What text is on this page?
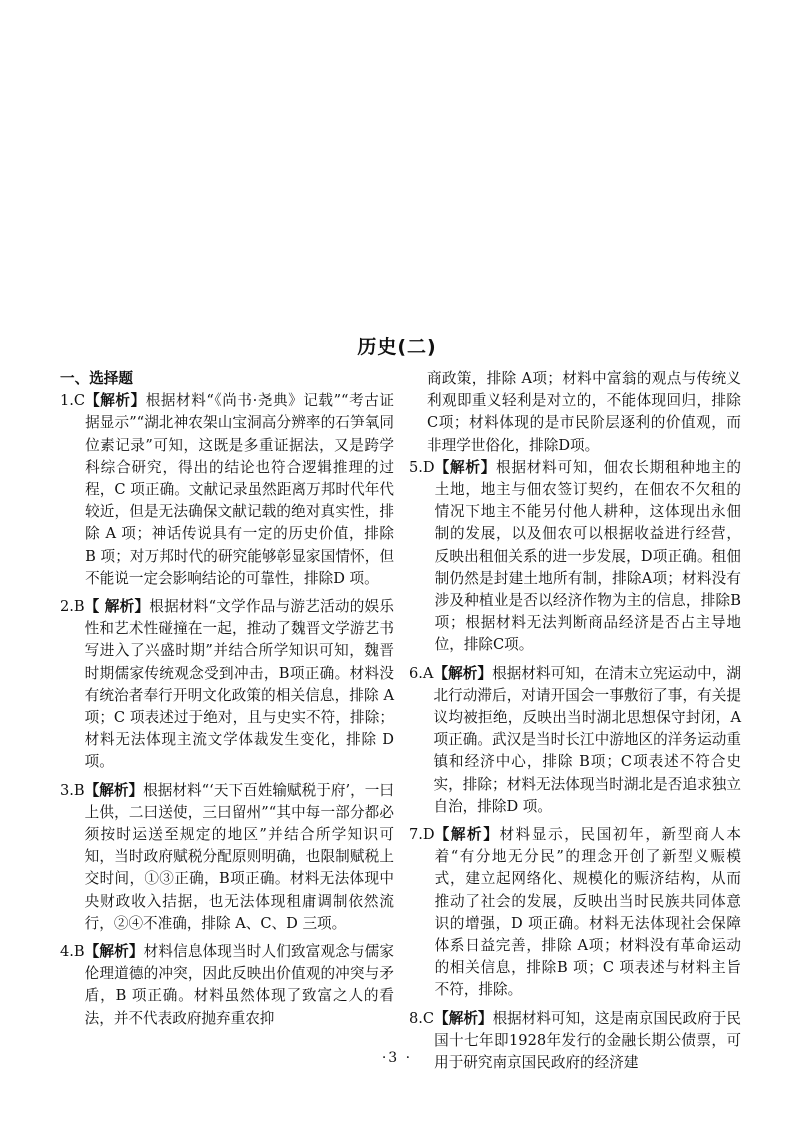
历史(二)
一、选择题
1.C 【解析】根据材料“《尚书·尧典》记载”“考古证据显示”“湖北神农架山宝洞高分辨率的石笋氧同位素记录”可知，这既是多重证据法，又是跨学科综合研究，得出的结论也符合逻辑推理的过程，C 项正确。文献记录虽然距离万邦时代年代较近，但是无法确保文献记载的绝对真实性，排除 A 项；神话传说具有一定的历史价值，排除 B 项；对万邦时代的研究能够彰显家国情怀，但不能说一定会影响结论的可靠性，排除D 项。
2.B 【 解析】根据材料“文学作品与游艺活动的娱乐性和艺术性碰撞在一起，推动了魏晋文学游艺书写进入了兴盛时期”并结合所学知识可知，魏晋时期儒家传统观念受到冲击，B项正确。材料没有统治者奉行开明文化政策的相关信息，排除 A 项；C 项表述过于绝对，且与史实不符，排除；材料无法体现主流文学体裁发生变化，排除 D项。
3.B 【解析】根据材料“‘天下百姓输赋税于府’，一曰上供，二曰送使，三曰留州”“其中每一部分都必须按时运送至规定的地区”并结合所学知识可知，当时政府赋税分配原则明确，也限制赋税上交时间，①③正确，B项正确。材料无法体现中央财政收入拮据，也无法体现租庸调制依然流行，②④不准确，排除 A、C、D 三项。
4.B 【解析】材料信息体现当时人们致富观念与儒家伦理道德的冲突，因此反映出价值观的冲突与矛盾，B 项正确。材料虽然体现了致富之人的看法，并不代表政府抛弃重农抑
商政策，排除 A项；材料中富翁的观点与传统义利观即重义轻利是对立的，不能体现回归，排除 C项；材料体现的是市民阶层逐利的价值观，而非理学世俗化，排除D项。
5.D 【解析】根据材料可知，佃农长期租种地主的土地，地主与佃农签订契约，在佃农不欠租的情况下地主不能另付他人耕种，这体现出永佃制的发展，以及佃农可以根据收益进行经营，反映出租佃关系的进一步发展，D项正确。租佃制仍然是封建土地所有制，排除A项；材料没有涉及种植业是否以经济作物为主的信息，排除B 项；根据材料无法判断商品经济是否占主导地位，排除C项。
6.A 【解析】根据材料可知，在清末立宪运动中，湖北行动滞后，对请开国会一事敷衍了事，有关提议均被拒绝，反映出当时湖北思想保守封闭，A 项正确。武汉是当时长江中游地区的洋务运动重镇和经济中心，排除 B项；C项表述不符合史实，排除；材料无法体现当时湖北是否追求独立自治，排除D 项。
7.D 【解析】材料显示，民国初年，新型商人本着“有分地无分民”的理念开创了新型义赈模式，建立起网络化、规模化的赈济结构，从而推动了社会的发展，反映出当时民族共同体意识的增强，D 项正确。材料无法体现社会保障体系日益完善，排除 A项；材料没有革命运动的相关信息，排除B 项；C 项表述与材料主旨不符，排除。
8.C 【解析】根据材料可知，这是南京国民政府于民国十七年即1928年发行的金融长期公债票，可用于研究南京国民政府的经济建
·3 ·
